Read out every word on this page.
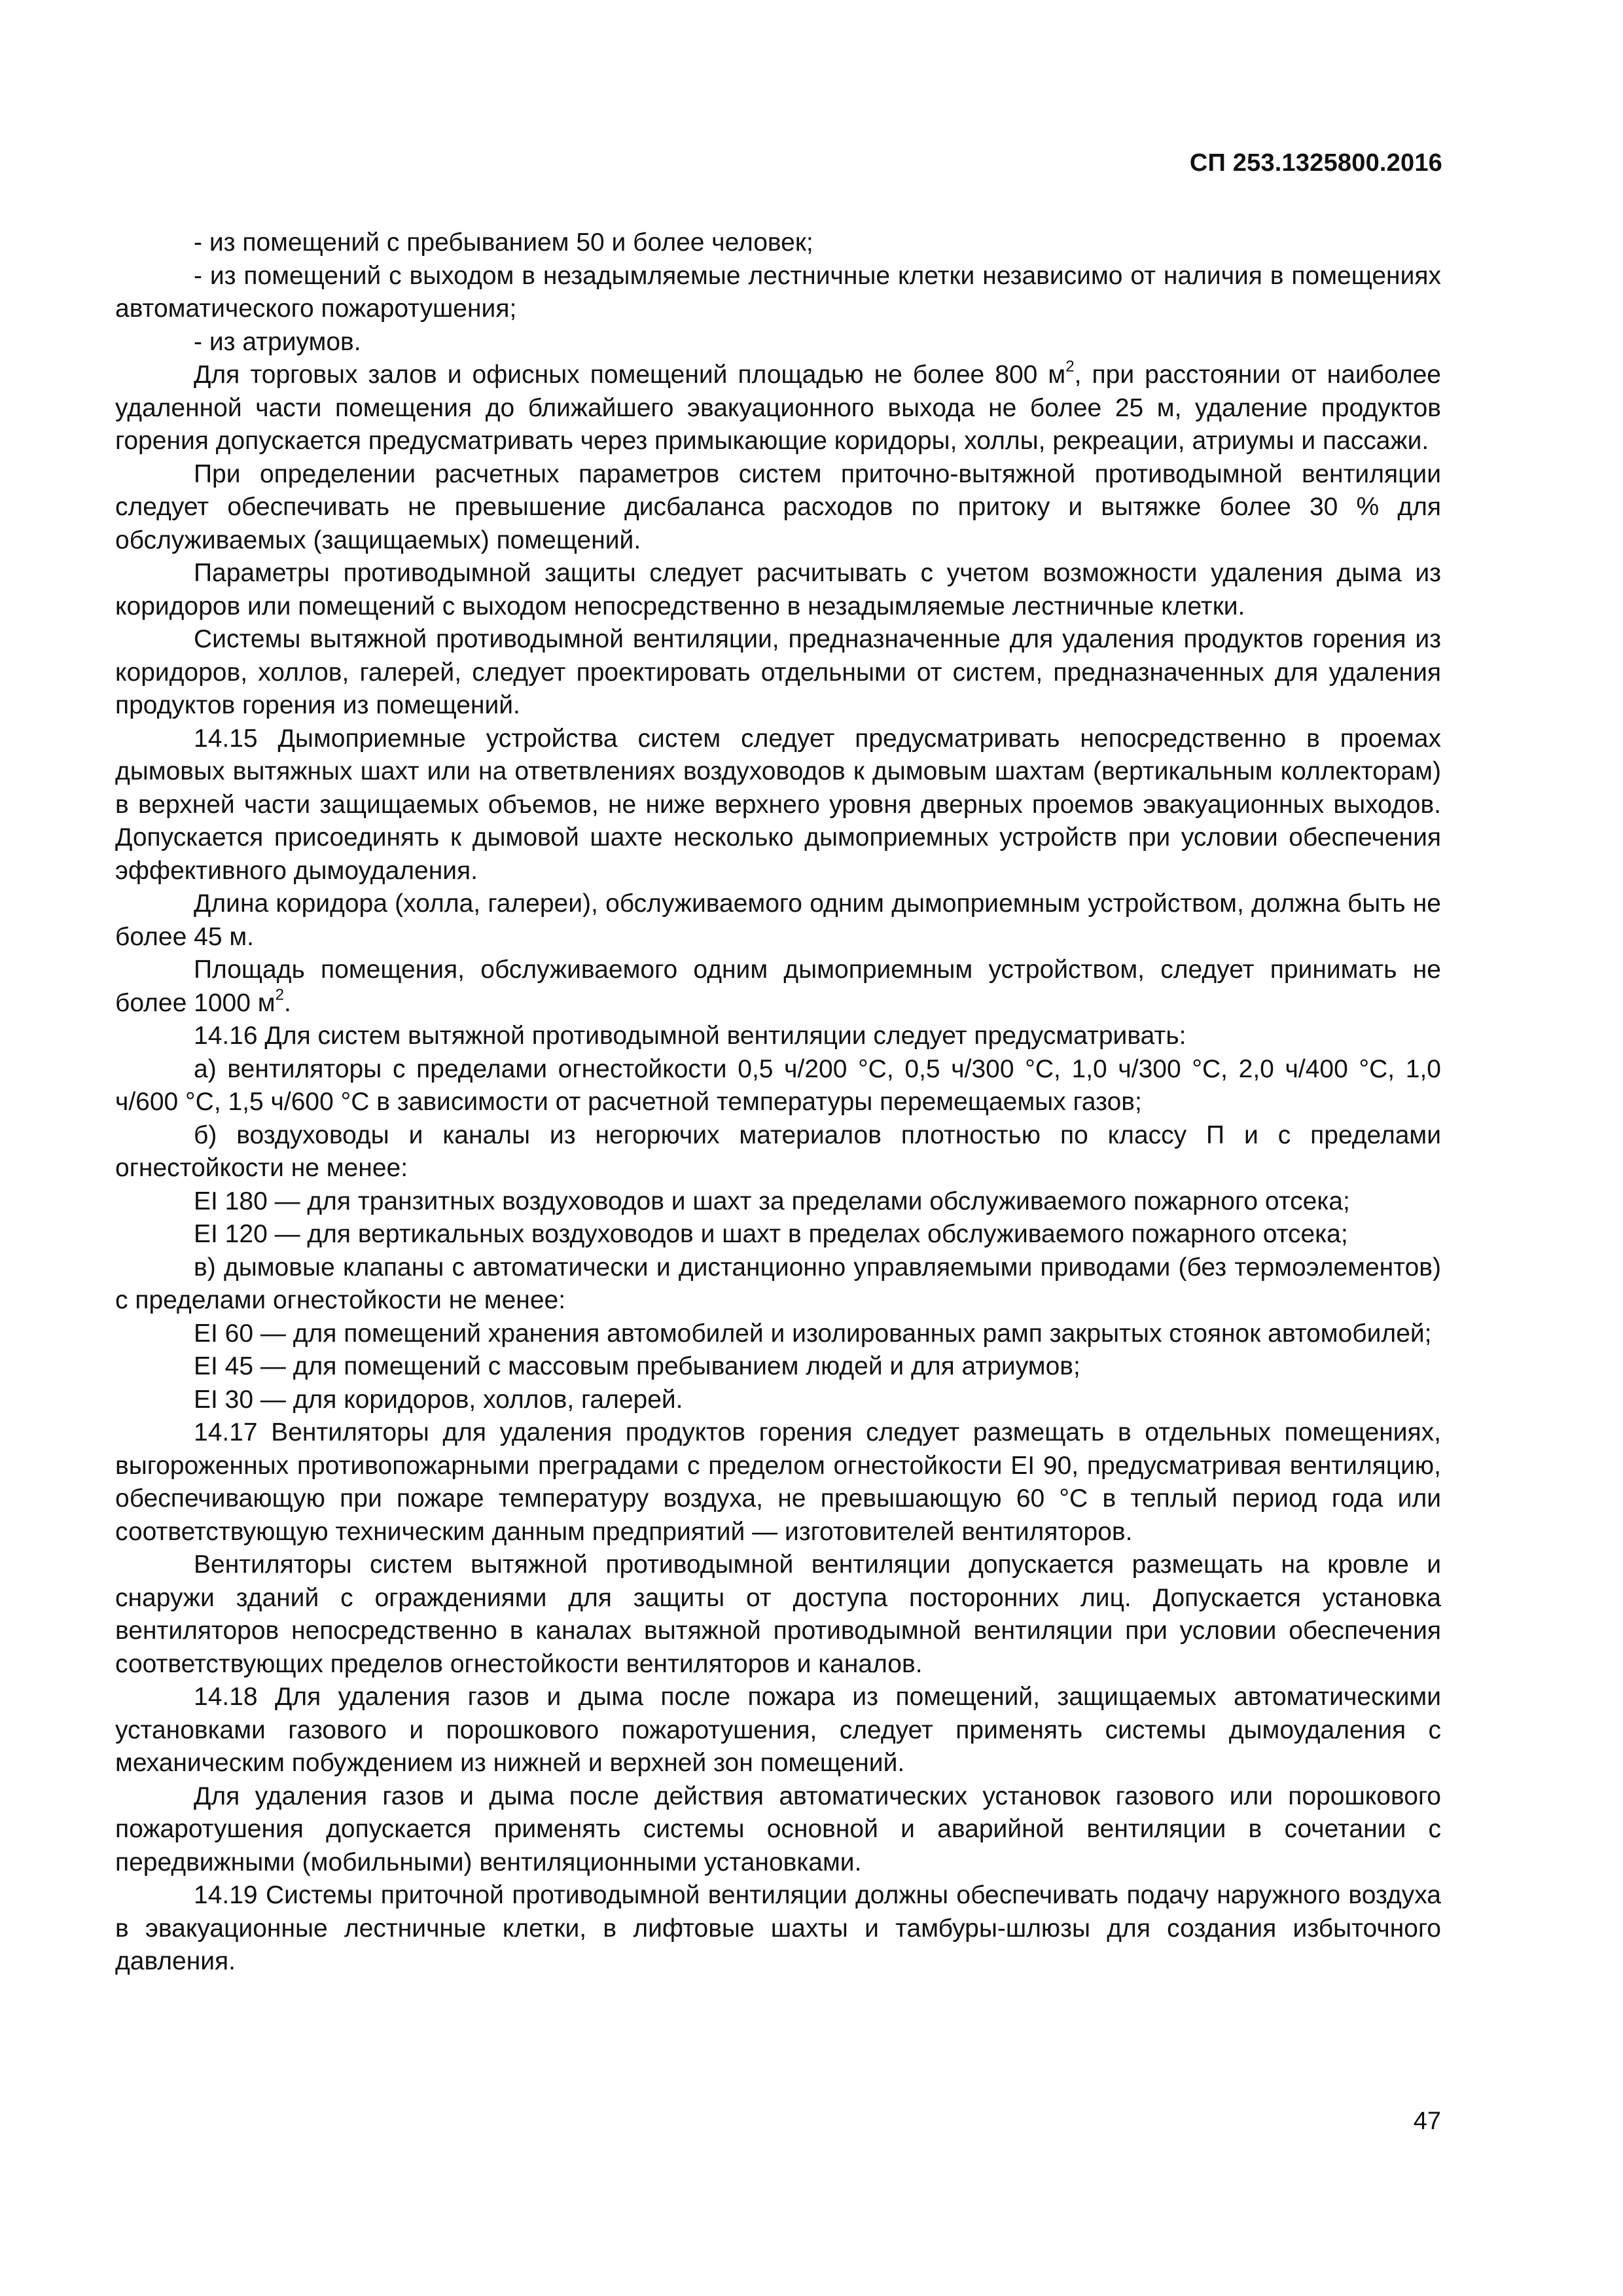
СП 253.1325800.2016

- из помещений с пребыванием 50 и более человек;

- из помещений с выходом в незадымляемые лестничные клетки независимо от наличия в помещениях автоматического пожаротушения;

- из атриумов.

Для торговых залов и офисных помещений площадью не более 800 $м^2$, при расстоянии от наиболее удаленной части помещения до ближайшего эвакуационного выхода не более 25 м, удаление продуктов горения допускается предусматривать через примыкающие коридоры, холлы, рекреации, атриумы и пассажи.

При определении расчетных параметров систем приточно-вытяжной противодымной вентиляции следует обеспечивать не превышение дисбаланса расходов по притоку и вытяжке более 30 % для обслуживаемых (защищаемых) помещений.

Параметры противодымной защиты следует расчитывать с учетом возможности удаления дыма из коридоров или помещений с выходом непосредственно в незадымляемые лестничные клетки.

Системы вытяжной противодымной вентиляции, предназначенные для удаления продуктов горения из коридоров, холлов, галерей, следует проектировать отдельными от систем, предназначенных для удаления продуктов горения из помещений.

14.15 Дымоприемные устройства систем следует предусматривать непосредственно в проемах дымовых вытяжных шахт или на ответвлениях воздуховодов к дымовым шахтам (вертикальным коллекторам) в верхней части защищаемых объемов, не ниже верхнего уровня дверных проемов эвакуационных выходов. Допускается присоединять к дымовой шахте несколько дымоприемных устройств при условии обеспечения эффективного дымоудаления.

Длина коридора (холла, галереи), обслуживаемого одним дымоприемным устройством, должна быть не более 45 м.

Площадь помещения, обслуживаемого одним дымоприемным устройством, следует принимать не более 1000 $м^2$.

14.16 Для систем вытяжной противодымной вентиляции следует предусматривать:

а) вентиляторы с пределами огнестойкости 0,5 ч/200 °С, 0,5 ч/300 °С, 1,0 ч/300 °С, 2,0 ч/400 °С, 1,0 ч/600 °С, 1,5 ч/600 °С в зависимости от расчетной температуры перемещаемых газов;

б) воздуховоды и каналы из негорючих материалов плотностью по классу П и с пределами огнестойкости не менее:

EI 180 — для транзитных воздуховодов и шахт за пределами обслуживаемого пожарного отсека;

EI 120 — для вертикальных воздуховодов и шахт в пределах обслуживаемого пожарного отсека;

в) дымовые клапаны с автоматически и дистанционно управляемыми приводами (без термоэлементов) с пределами огнестойкости не менее:

EI 60 — для помещений хранения автомобилей и изолированных рамп закрытых стоянок автомобилей;

EI 45 — для помещений с массовым пребыванием людей и для атриумов;

EI 30 — для коридоров, холлов, галерей.

14.17 Вентиляторы для удаления продуктов горения следует размещать в отдельных помещениях, выгороженных противопожарными преградами с пределом огнестойкости EI 90, предусматривая вентиляцию, обеспечивающую при пожаре температуру воздуха, не превышающую 60 °С в теплый период года или соответствующую техническим данным предприятий — изготовителей вентиляторов.

Вентиляторы систем вытяжной противодымной вентиляции допускается размещать на кровле и снаружи зданий с ограждениями для защиты от доступа посторонних лиц. Допускается установка вентиляторов непосредственно в каналах вытяжной противодымной вентиляции при условии обеспечения соответствующих пределов огнестойкости вентиляторов и каналов.

14.18 Для удаления газов и дыма после пожара из помещений, защищаемых автоматическими установками газового и порошкового пожаротушения, следует применять системы дымоудаления с механическим побуждением из нижней и верхней зон помещений.

Для удаления газов и дыма после действия автоматических установок газового или порошкового пожаротушения допускается применять системы основной и аварийной вентиляции в сочетании с передвижными (мобильными) вентиляционными установками.

14.19 Системы приточной противодымной вентиляции должны обеспечивать подачу наружного воздуха в эвакуационные лестничные клетки, в лифтовые шахты и тамбуры-шлюзы для создания избыточного давления.

47
